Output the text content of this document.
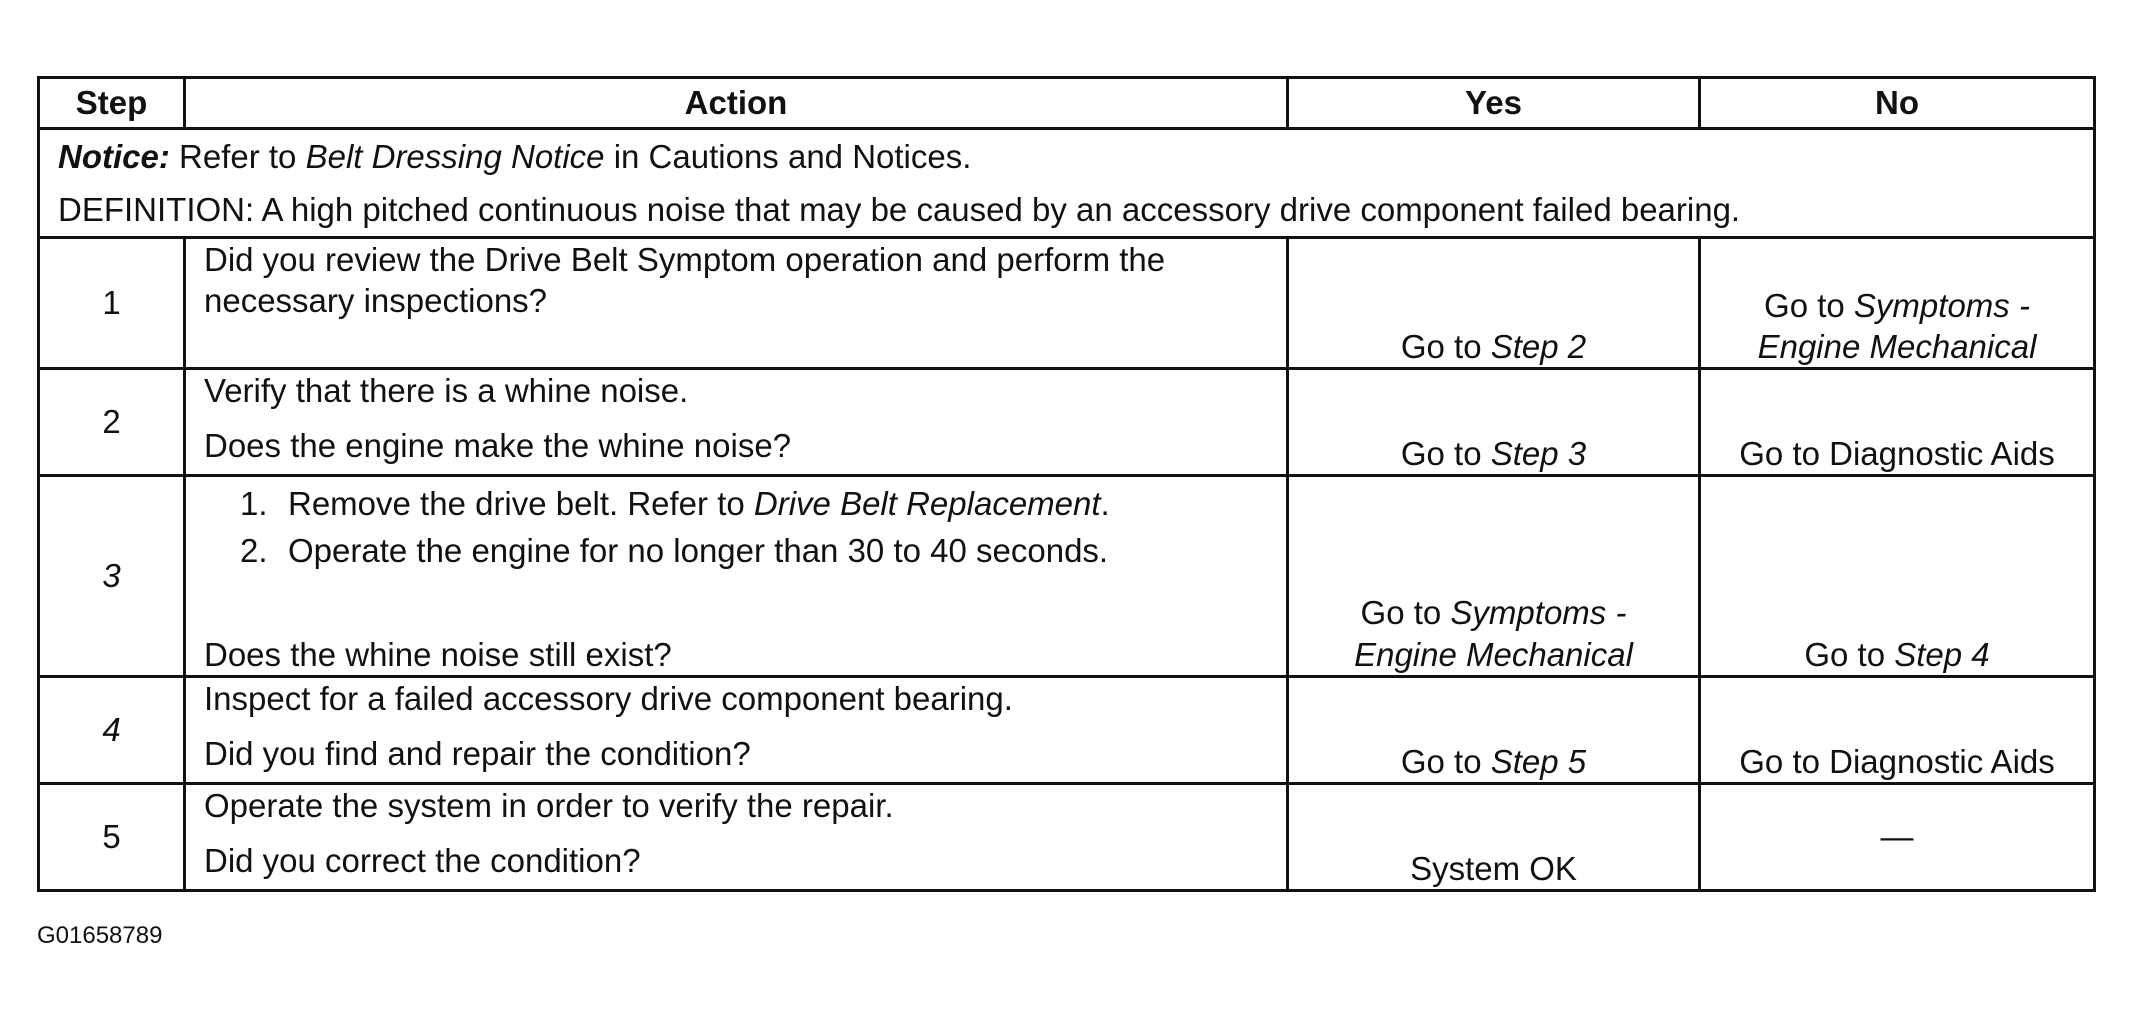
Step	Action	Yes	No

Notice: Refer to Belt Dressing Notice in Cautions and Notices.
DEFINITION: A high pitched continuous noise that may be caused by an accessory drive component failed bearing.			

1	Did you review the Drive Belt Symptom operation and perform the necessary inspections?	Go to Step 2	Go to Symptoms - Engine Mechanical
2	Verify that there is a whine noise.
Does the engine make the whine noise?	Go to Step 3	Go to Diagnostic Aids
3	1. Remove the drive belt. Refer to Drive Belt Replacement.
2. Operate the engine for no longer than 30 to 40 seconds.
Does the whine noise still exist?	Go to Symptoms - Engine Mechanical	Go to Step 4
4	Inspect for a failed accessory drive component bearing.
Did you find and repair the condition?	Go to Step 5	Go to Diagnostic Aids
5	Operate the system in order to verify the repair.
Did you correct the condition?	System OK	—
G01658789
